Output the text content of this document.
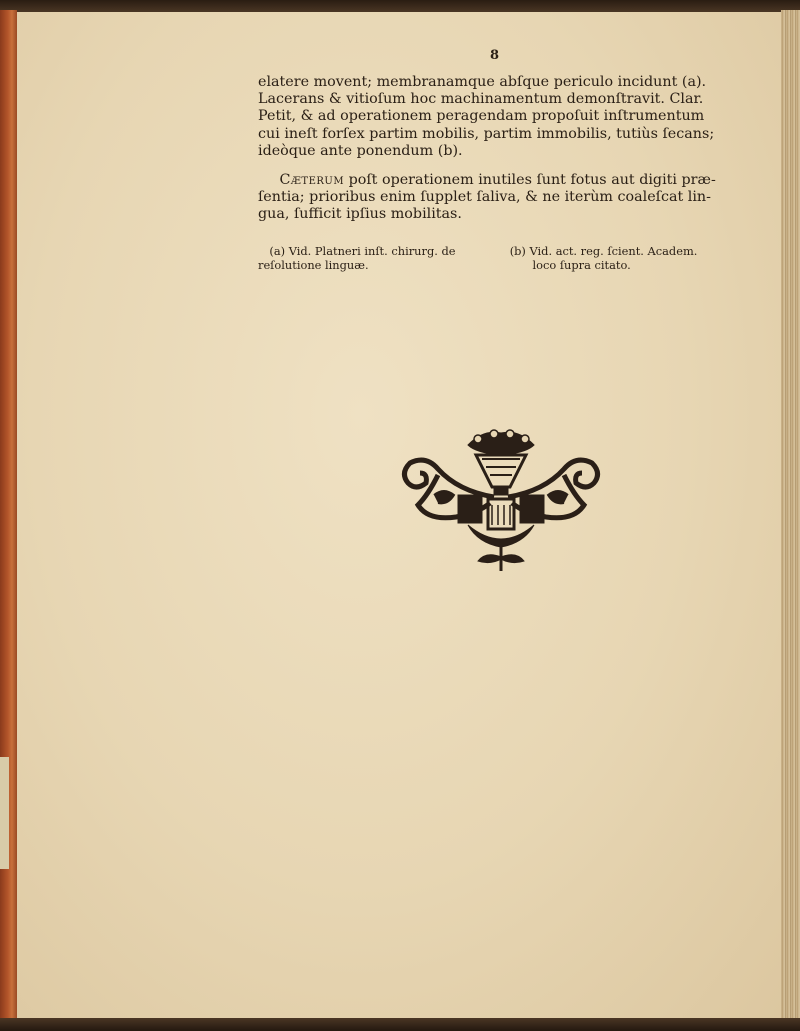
8

elatere movent; membranamque abſque periculo incidunt (a).
Lacerans & vitioſum hoc machinamentum demonſtravit. Clar.
Petit, & ad operationem peragendam propoſuit inſtrumentum
cui ineſt forſex partim mobilis, partim immobilis, tutiùs ſecans;
ideòque ante ponendum (b).

  Cæterum poſt operationem inutiles ſunt fotus aut digiti præ-
ſentia; prioribus enim ſupplet ſaliva, & ne iterùm coaleſcat lin-
gua, ſufficit ipſius mobilitas.

 (a) Vid. Platneri inſt. chirurg. de
reſolutione linguæ.
(b) Vid. act. reg. ſcient. Academ.
  loco ſupra citato.
